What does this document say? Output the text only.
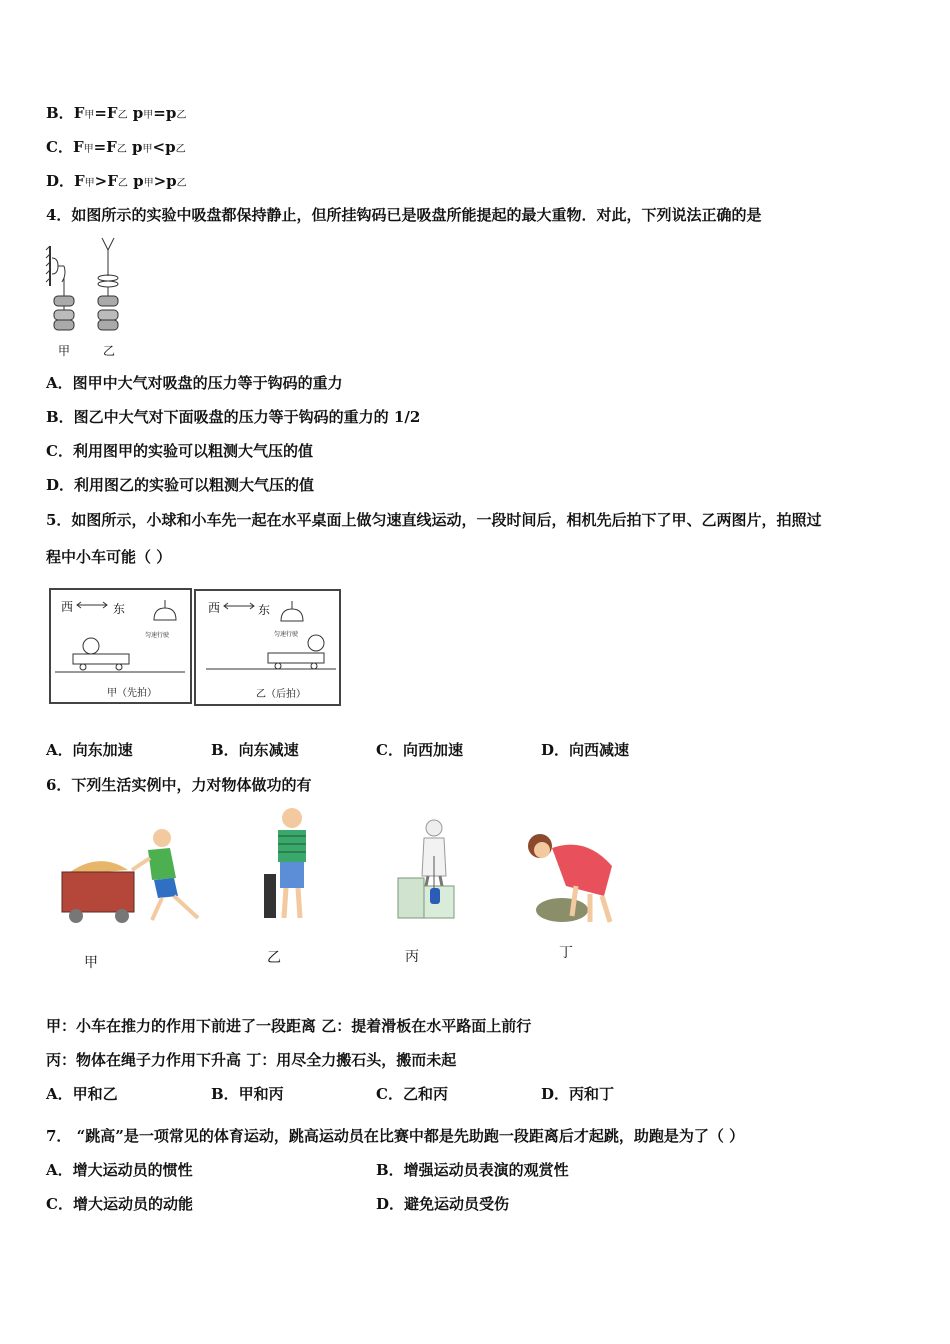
B．F甲=F乙 p甲=p乙
C．F甲=F乙 p甲<p乙
D．F甲>F乙 p甲>p乙
4．如图所示的实验中吸盘都保持静止，但所挂钩码已是吸盘所能提起的最大重物．对此，下列说法正确的是
甲	乙
A．图甲中大气对吸盘的压力等于钩码的重力
B．图乙中大气对下面吸盘的压力等于钩码的重力的 1/2
C．利用图甲的实验可以粗测大气压的值
D．利用图乙的实验可以粗测大气压的值
5．如图所示，小球和小车先一起在水平桌面上做匀速直线运动，一段时间后，相机先后拍下了甲、乙两图片，拍照过
程中小车可能（ ）
西	东
匀速行驶
甲（先拍）
西	东
匀速行驶
乙（后拍）
A．向东加速	B．向东减速	C．向西加速	D．向西减速
6．下列生活实例中，力对物体做功的有
甲	乙	丙	丁
甲：小车在推力的作用下前进了一段距离 乙：提着滑板在水平路面上前行
丙：物体在绳子力作用下升高 丁：用尽全力搬石头，搬而未起
A．甲和乙	B．甲和丙	C．乙和丙	D．丙和丁
7． “跳高”是一项常见的体育运动，跳高运动员在比赛中都是先助跑一段距离后才起跳，助跑是为了（ ）
A．增大运动员的惯性	B．增强运动员表演的观赏性
C．增大运动员的动能	D．避免运动员受伤
